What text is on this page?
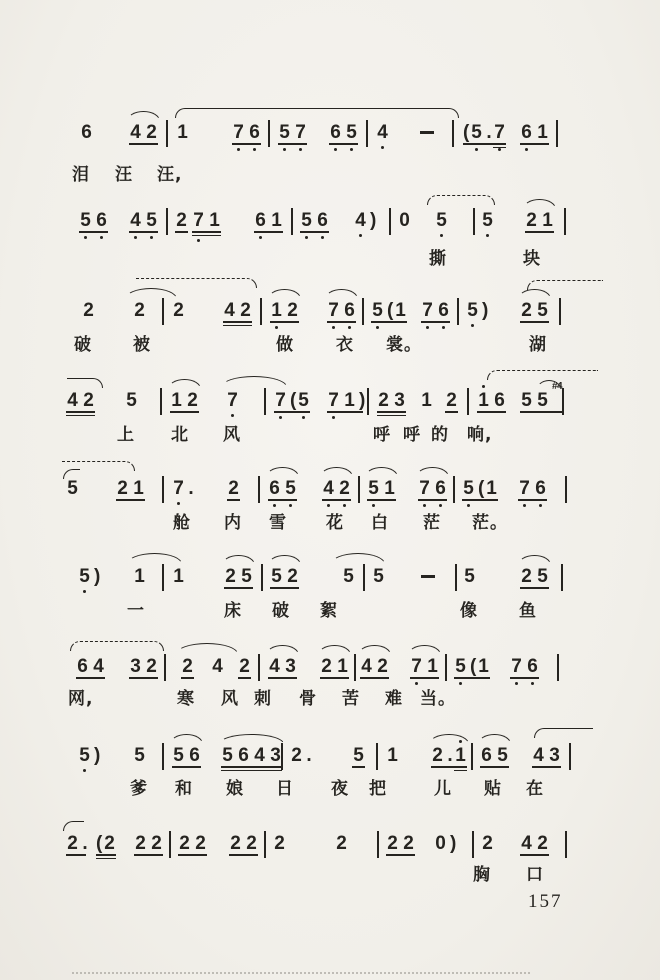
157
6 4 2 1 7 6 5 7 6 5 4	( 5 . 7 6 1
泪 汪 汪,
5 6 4 5 2 7 1 6 1 5 6 4 ) 0 5 5 2 1
撕	块
2 2 2 4 2 1 2 7 6 5 ( 1 7 6 5 ) 2 5
破 被	做 衣 裳。	湖
4 2 5 1 2 7 7 ( 5 7 1 ) 2 3 1 2 1 6 5 5
#4
上 北 风	呼 呼 的 响,
5 2 1 7 . 2 6 5 4 2 5 1 7 6 5 ( 1 7 6
舱 内 雪 花 白 茫 茫。
5 ) 1 1 2 5 5 2 5 5	5 2 5
一	床 破 絮	像 鱼
6 4 3 2 2 4 2 4 3 2 1 4 2 7 1 5 ( 1 7 6
网,	寒 风 刺 骨 苦 难 当。
5 ) 5 5 6 5 6 4 3 2 . 5 1 2 . 1 6 5 4 3
爹 和 娘 日 夜 把	儿 贴 在
2 . ( 2 2 2 2 2 2 2 2	2 2 2 0 ) 2 4 2
胸 口
